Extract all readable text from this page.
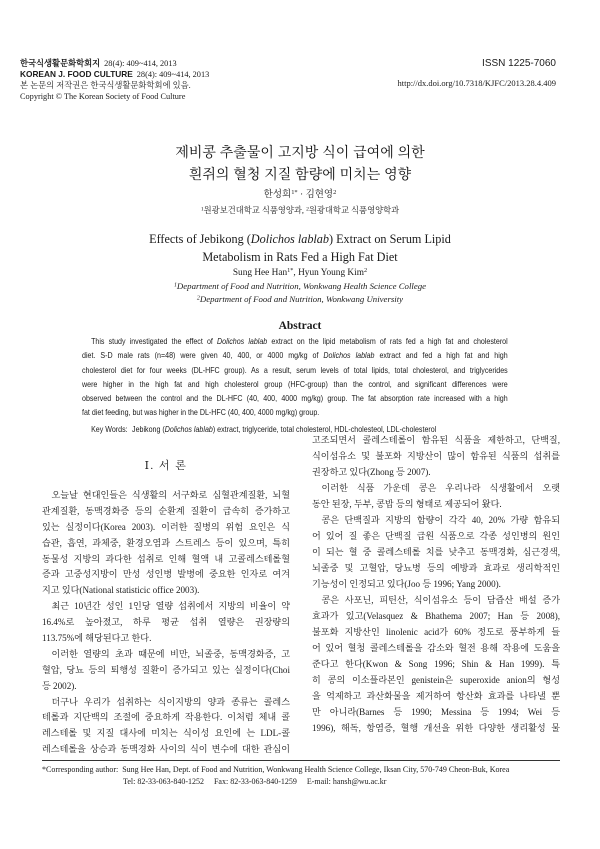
한국식생활문화학회지 28(4): 409~414, 2013
KOREAN J. FOOD CULTURE 28(4): 409~414, 2013
본 논문의 저작권은 한국식생활문화학회에 있음.
Copyright © The Korean Society of Food Culture
ISSN 1225-7060
http://dx.doi.org/10.7318/KJFC/2013.28.4.409
제비콩 추출물이 고지방 식이 급여에 의한
흰쥐의 혈청 지질 함량에 미치는 영향
한성희$^{1*}$ · 김현영$^2$
$^1$원광보건대학교 식품영양과, $^2$원광대학교 식품영양학과
Effects of Jebikong (Dolichos lablab) Extract on Serum Lipid
Metabolism in Rats Fed a High Fat Diet
Sung Hee Han$^{1*}$, Hyun Young Kim$^2$
$^1$Department of Food and Nutrition, Wonkwang Health Science College
$^2$Department of Food and Nutrition, Wonkwang University
Abstract
This study investigated the effect of Dolichos lablab extract on the lipid metabolism of rats fed a high fat and cholesterol
diet. S-D male rats (n=48) were given 40, 400, or 4000 mg/kg of Dolichos lablab extract and fed a high fat and high
cholesterol diet for four weeks (DL-HFC group). As a result, serum levels of total lipids, total cholesterol, and triglycerides
were higher in the high fat and high cholesterol group (HFC-group) than the control, and significant differences were
observed between the control and the DL-HFC (40, 400, 4000 mg/kg) group. The fat absorption rate increased with a high
fat diet feeding, but was higher in the DL-HFC (40, 400, 4000 mg/kg) group.
Key Words: Jebikong (Dolichos lablab) extract, triglyceride, total cholesterol, HDL-cholesteol, LDL-cholesterol
Ⅰ. 서 론
오늘날 현대인들은 식생활의 서구화로 심혈관계질환, 뇌혈
관계질환, 동맥경화증 등의 순환계 질환이 급속히 증가하고
있는 실정이다(Korea 2003). 이러한 질병의 위험 요인은 식
습관, 흡연, 과체중, 환경오염과 스트레스 등이 있으며, 특히
동물성 지방의 과다한 섭취로 인해 혈액 내 고콜레스테롤혈
증과 고중성지방이 만성 성인병 발병에 중요한 인자로 여겨
지고 있다(National statisticic office 2003).
최근 10년간 성인 1인당 열량 섭취에서 지방의 비율이 약
16.4%로 높아졌고, 하루 평균 섭취 열량은 권장량의
113.75%에 해당된다고 한다.
이러한 열량의 초과 때문에 비만, 뇌졸중, 동맥경화증, 고
혈압, 당뇨 등의 퇴행성 질환이 증가되고 있는 실정이다(Choi
등 2002).
더구나 우리가 섭취하는 식이지방의 양과 종류는 콜레스
테롤과 지단백의 조절에 중요하게 작용한다. 이처럼 체내 콜
레스테롤 및 지질 대사에 미치는 식이성 요인에 는 LDL-콜
레스테롤을 상승과 동맥경화 사이의 식이 변수에 대한 관심이
고조되면서 콜레스테롤이 함유된 식품을 제한하고, 단백질,
식이섬유소 및 불포화 지방산이 많이 함유된 식품의 섭취를
권장하고 있다(Zhong 등 2007).
이러한 식품 가운데 콩은 우리나라 식생활에서 오랫
동안 된장, 두부, 콩밥 등의 형태로 제공되어 왔다.
콩은 단백질과 지방의 함량이 각각 40, 20% 가량 함유되
어 있어 질 좋은 단백질 급원 식품으로 각종 성인병의 원인
이 되는 혈 중 콜레스테롤 치를 낮추고 동맥경화, 심근경색,
뇌졸중 및 고혈압, 당뇨병 등의 예방과 효과로 생리학적인
기능성이 인정되고 있다(Joo 등 1996; Yang 2000).
콩은 사포닌, 피틴산, 식이섬유소 등이 담즙산 배설 증가
효과가 있고(Velasquez & Bhathema 2007; Han 등 2008),
불포화 지방산인 linolenic acid가 60% 정도로 풍부하게 들
어 있어 혈청 콜레스테롤을 감소와 혈전 용해 작용에 도움을
준다고 한다(Kwon & Song 1996; Shin & Han 1999). 특
히 콩의 이소플라본인 genistein은 superoxide anion의 형성
을 억제하고 과산화물을 제거하여 항산화 효과를 나타낼 뿐
만 아니라(Barnes 등 1990; Messina 등 1994; Wei 등
1996), 해독, 항염증, 혈행 개선을 위한 다양한 생리활성 물
*Corresponding author: Sung Hee Han, Dept. of Food and Nutrition, Wonkwang Health Science College, Iksan City, 570-749 Cheon-Buk, Korea
Tel: 82-33-063-840-1252 Fax: 82-33-063-840-1259 E-mail: hansh@wu.ac.kr
